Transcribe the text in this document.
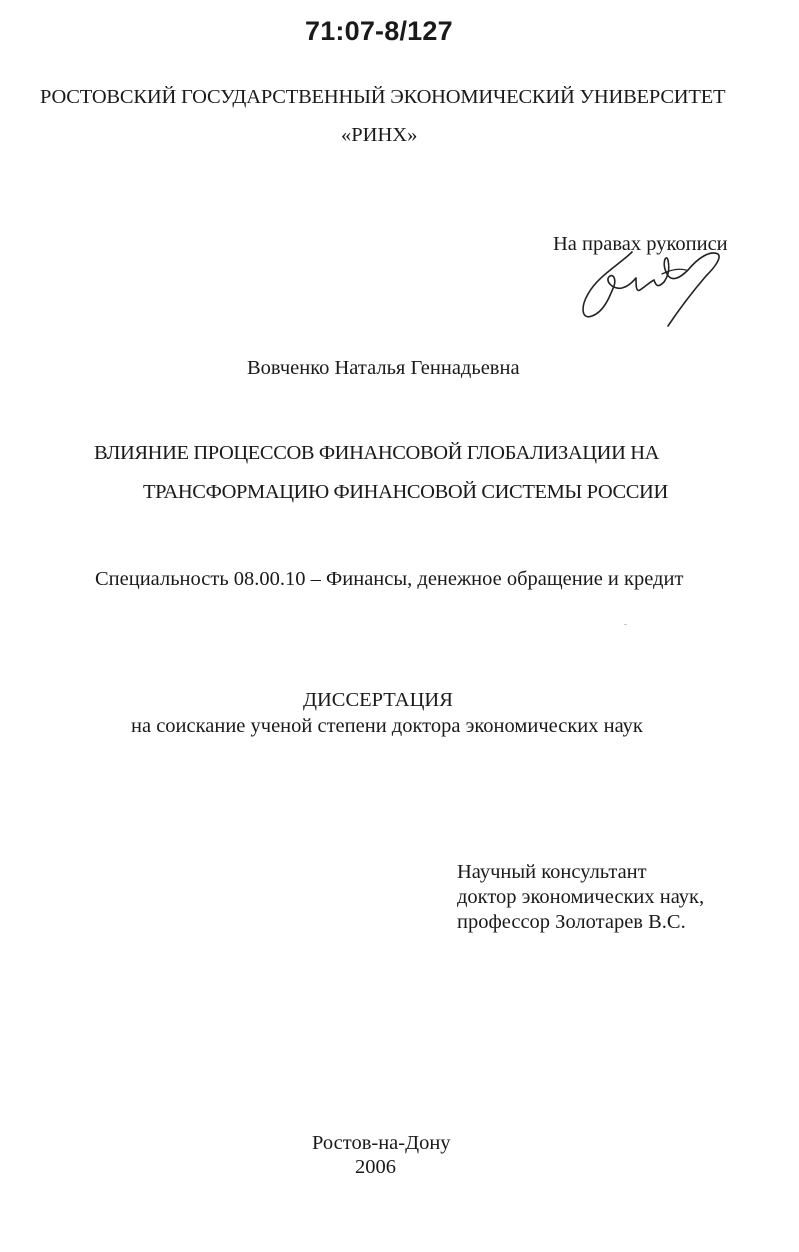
71:07-8/127
РОСТОВСКИЙ ГОСУДАРСТВЕННЫЙ ЭКОНОМИЧЕСКИЙ УНИВЕРСИТЕТ
«РИНХ»
На правах рукописи
Вовченко Наталья Геннадьевна
ВЛИЯНИЕ ПРОЦЕССОВ ФИНАНСОВОЙ ГЛОБАЛИЗАЦИИ НА
ТРАНСФОРМАЦИЮ ФИНАНСОВОЙ СИСТЕМЫ РОССИИ
Специальность 08.00.10 – Финансы, денежное обращение и кредит
ДИССЕРТАЦИЯ
на соискание ученой степени доктора экономических наук
Научный консультант
доктор экономических наук,
профессор Золотарев В.С.
Ростов-на-Дону
2006
